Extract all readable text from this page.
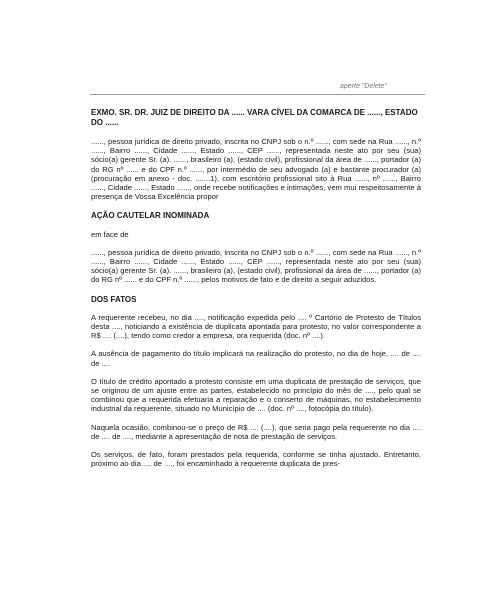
aperte "Delete"

EXMO. SR. DR. JUIZ DE DIREITO DA ...... VARA CÍVEL DA COMARCA DE ......, ESTADO DO ......

......, pessoa jurídica de direito privado, inscrita no CNPJ sob o n.º ......, com sede na Rua ......, n.º ......, Bairro ......, Cidade ......, Estado ......, CEP ......, representada neste ato por seu (sua) sócio(a) gerente Sr. (a). ......, brasileiro (a), (estado civil), profissional da área de ......, portador (a) do RG nº ...... e do CPF n.º ......, por intermédio de seu advogado (a) e bastante procurador (a) (procuração em anexo - doc. .......1), com escritório profissional sito à Rua ......, nº ......, Bairro ......, Cidade ......, Estado ......, onde recebe notificações e intimações, vem mui respeitosamente à presença de Vossa Excelência propor

AÇÃO CAUTELAR INOMINADA

em face de

......, pessoa jurídica de direito privado, inscrita no CNPJ sob o n.º ......, com sede na Rua ......, n.º ......, Bairro ......, Cidade ......, Estado ......, CEP ......, representada neste ato por seu (sua) sócio(a) gerente Sr. (a). ......, brasileiro (a), (estado civil), profissional da área de ......, portador (a) do RG nº ...... e do CPF n.º ......, pelos motivos de fato e de direito a seguir aduzidos.

DOS FATOS

A requerente recebeu, no dia ...., notificação expedida pelo .... º Cartório de Protesto de Títulos desta ...., noticiando a existência de duplicata apontada para protesto, no valor correspondente a R$ .... (....), tendo como credor a empresa, ora requerida (doc. nº ....).

A ausência de pagamento do título implicará na realização do protesto, no dia de hoje, .... de .... de ....

O título de crédito apontado a protesto consiste em uma duplicata de prestação de serviços, que se originou de um ajuste entre as partes, estabelecido no princípio do mês de ...., pelo qual se combinou que a requerida efetuaria a reparação e o conserto de máquinas, no estabelecimento industrial da requerente, situado no Município de .... (doc. nº ...., fotocópia do título).

Naquela ocasião, combinou-se o preço de R$ .... (....), que seria pago pela requerente no dia .... de .... de ...., mediante a apresentação de nota de prestação de serviços.

Os serviços, de fato, foram prestados pela requerida, conforme se tinha ajustado. Entretanto, próximo ao dia .... de ...., foi encaminhado à requerente duplicata de pres-
